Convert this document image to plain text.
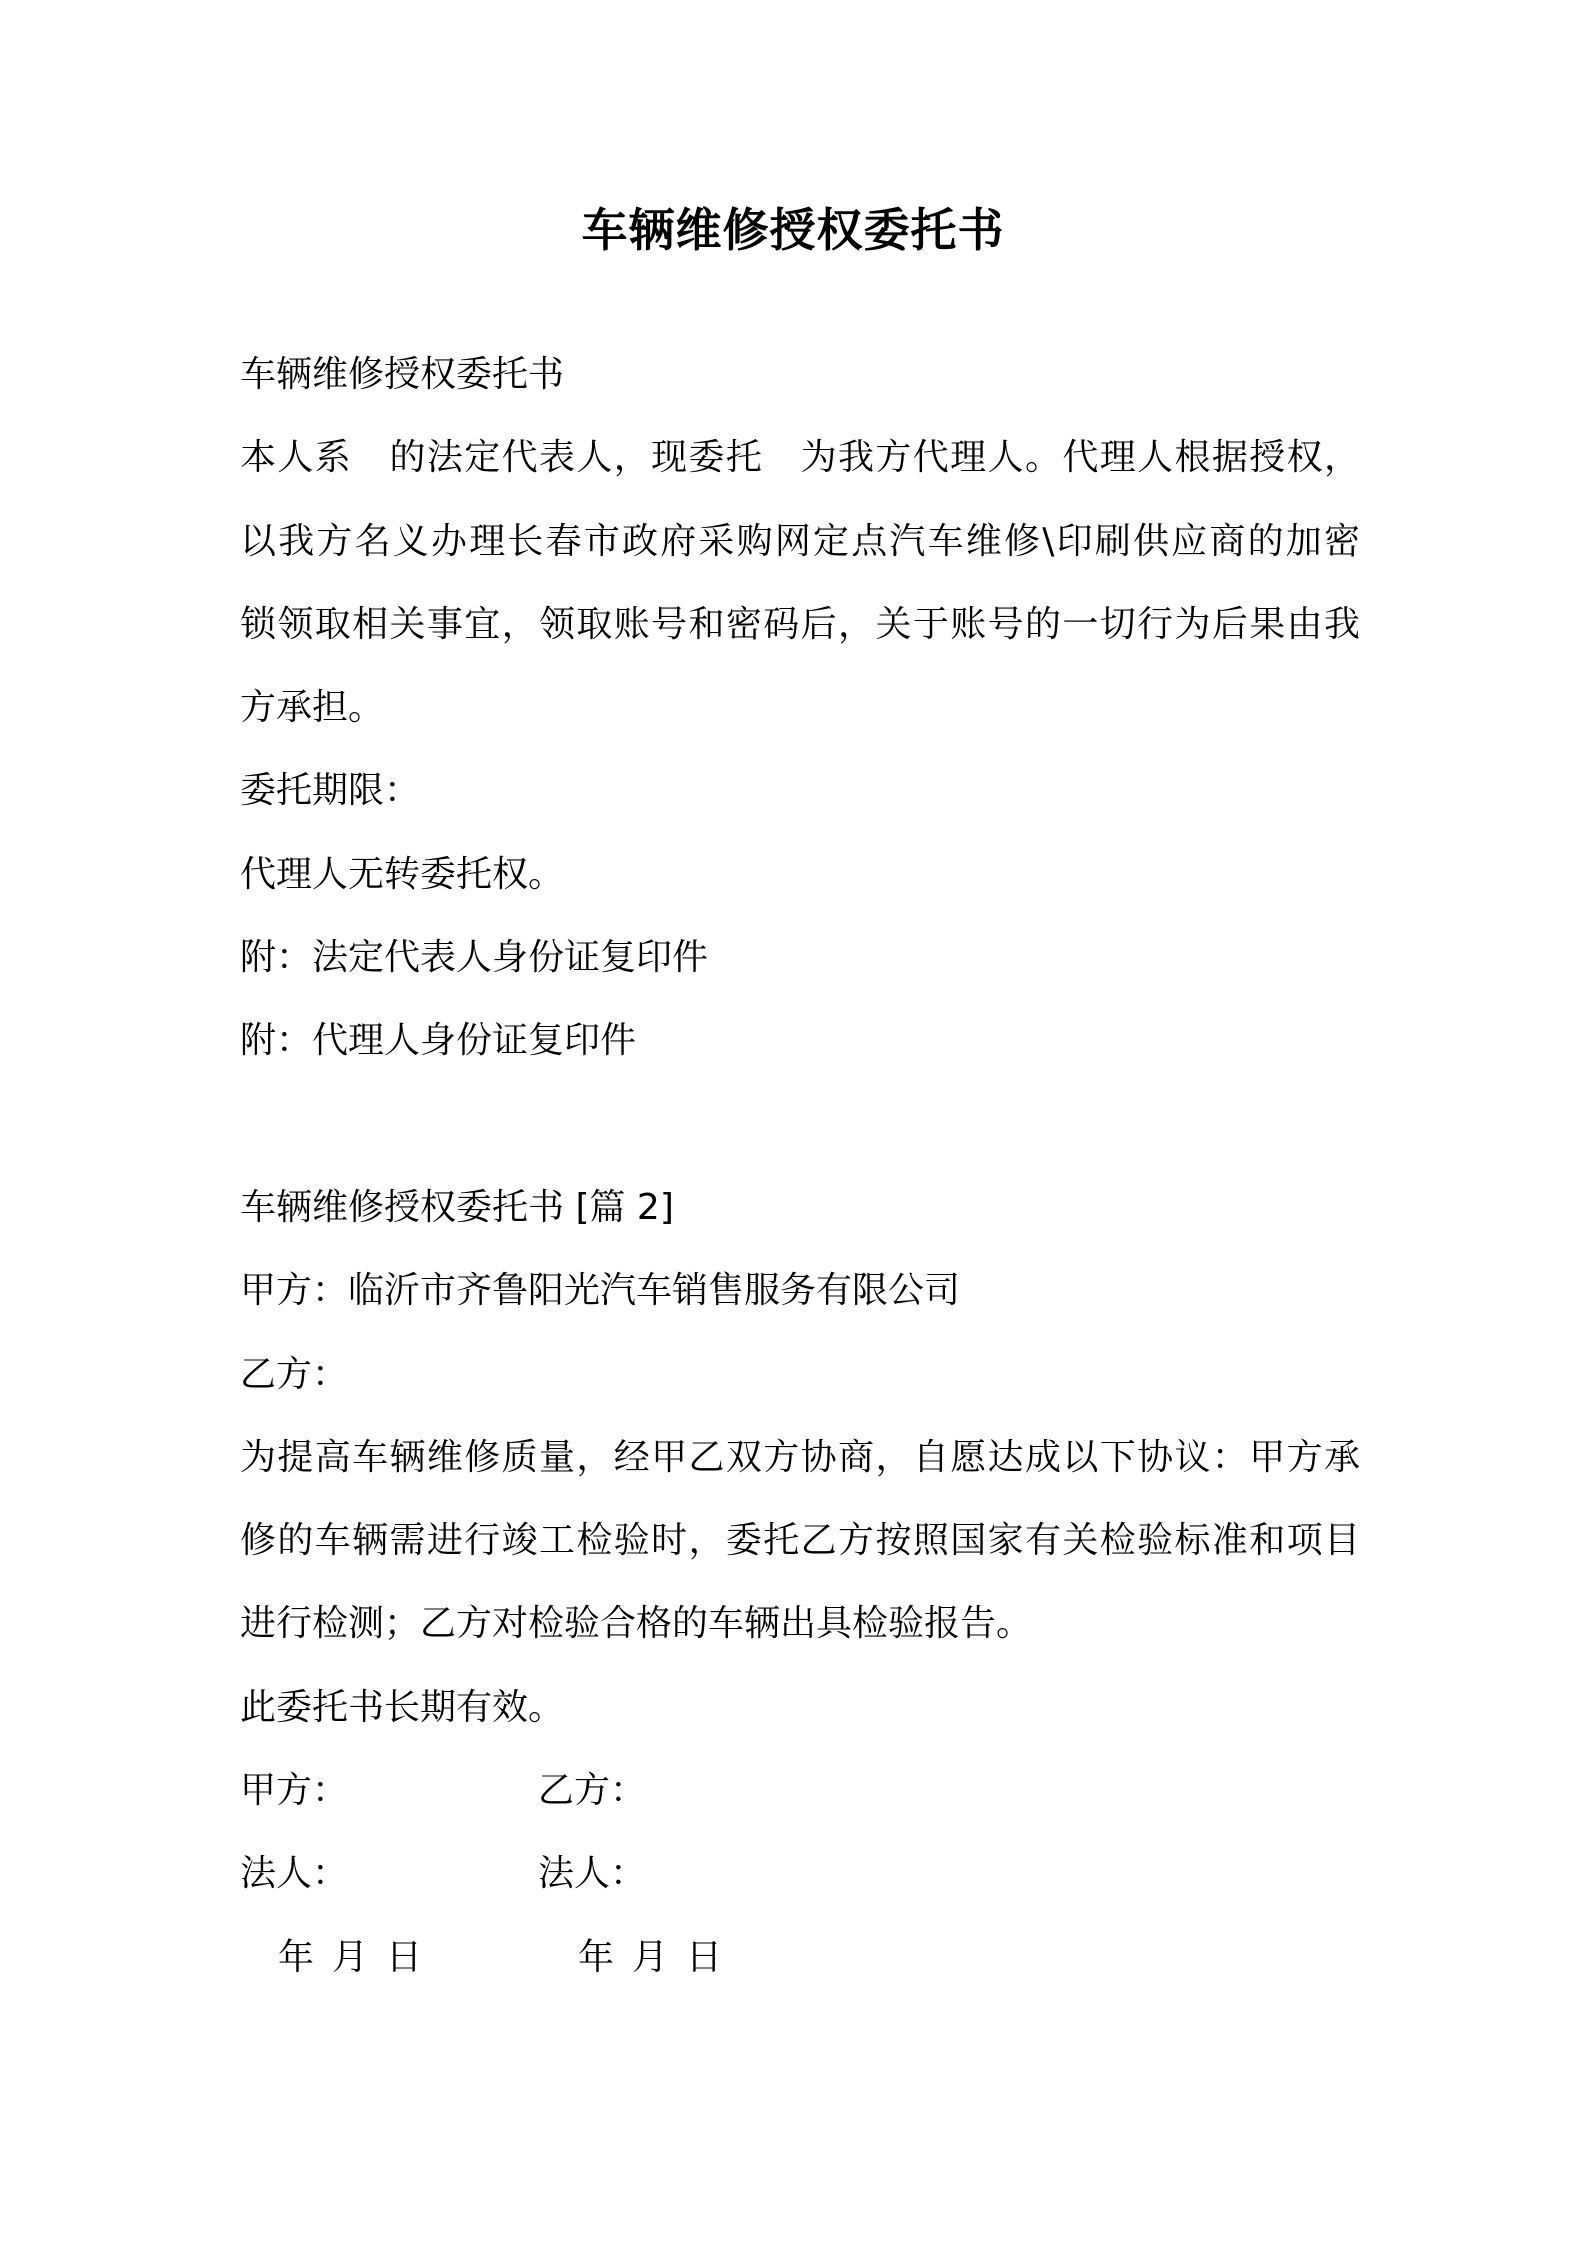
车辆维修授权委托书
车辆维修授权委托书
本人系 的法定代表人，现委托 为我方代理人。代理人根据授权，
以我方名义办理长春市政府采购网定点汽车维修\印刷供应商的加密
锁领取相关事宜，领取账号和密码后，关于账号的一切行为后果由我
方承担。
委托期限：
代理人无转委托权。
附：法定代表人身份证复印件
附：代理人身份证复印件
车辆维修授权委托书 [篇 2]
甲方：临沂市齐鲁阳光汽车销售服务有限公司
乙方：
为提高车辆维修质量，经甲乙双方协商，自愿达成以下协议：甲方承
修的车辆需进行竣工检验时，委托乙方按照国家有关检验标准和项目
进行检测；乙方对检验合格的车辆出具检验报告。
此委托书长期有效。
甲方：	乙方：
法人：	法人：
年 月 日	年 月 日
